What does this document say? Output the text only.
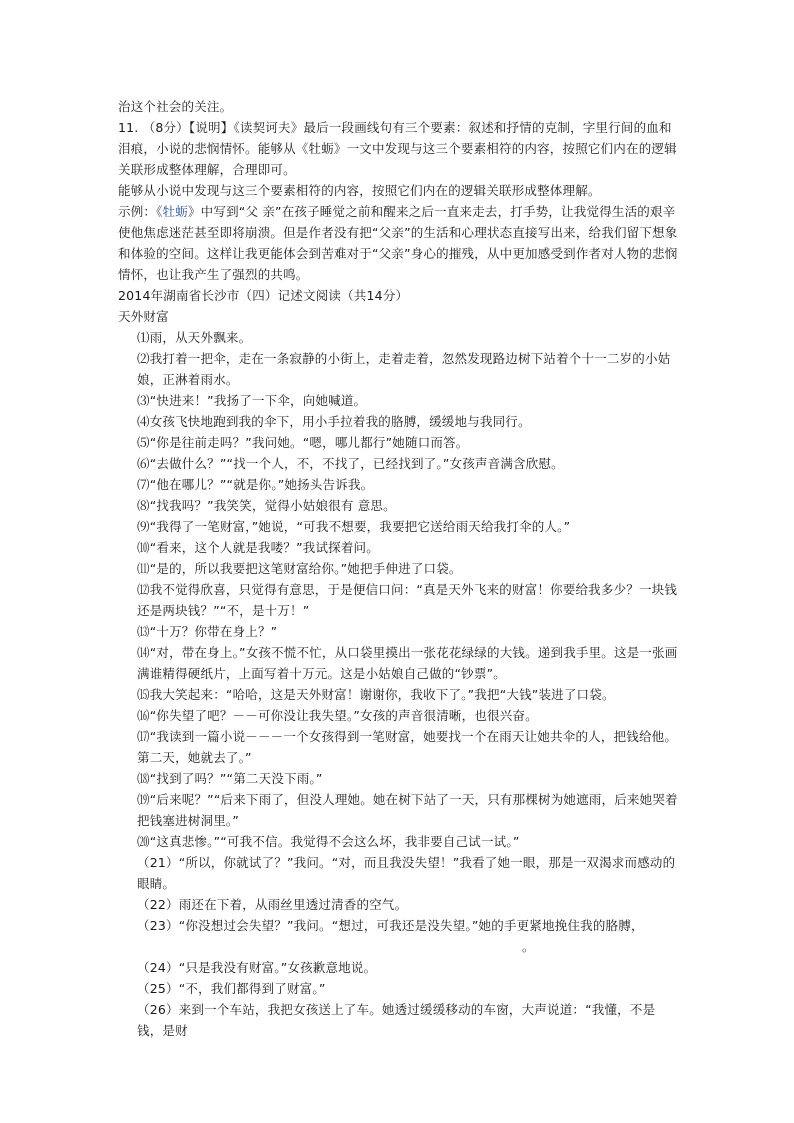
治这个社会的关注。

11. （8分）【说明】《读契诃夫》最后一段画线句有三个要素：叙述和抒情的克制，字里行间的血和泪痕，小说的悲悯情怀。能够从《牡蛎》一文中发现与这三个要素相符的内容，按照它们内在的逻辑关联形成整体理解，合理即可。

能够从小说中发现与这三个要素相符的内容，按照它们内在的逻辑关联形成整体理解。

示例：《牡蛎》中写到“父 亲”在孩子睡觉之前和醒来之后一直来走去，打手势，让我觉得生活的艰辛使他焦虑迷茫甚至即将崩溃。但是作者没有把“父亲”的生活和心理状态直接写出来，给我们留下想象和体验的空间。这样让我更能体会到苦难对于“父亲”身心的摧残，从中更加感受到作者对人物的悲悯情怀，也让我产生了强烈的共鸣。

2014年湖南省长沙市（四）记述文阅读（共14分）

天外财富

⑴雨，从天外飘来。

⑵我打着一把伞，走在一条寂静的小街上，走着走着，忽然发现路边树下站着个十一二岁的小姑娘，正淋着雨水。

⑶“快进来！”我扬了一下伞，向她喊道。

⑷女孩飞快地跑到我的伞下，用小手拉着我的胳膊，缓缓地与我同行。

⑸“你是往前走吗？”我问她。“嗯，哪儿都行”她随口而答。

⑹“去做什么？”“找一个人，不，不找了，已经找到了。”女孩声音满含欣慰。

⑺“他在哪儿？”“就是你。”她扬头告诉我。

⑻“找我吗？”我笑笑，觉得小姑娘很有 意思。

⑼“我得了一笔财富，”她说，“可我不想要，我要把它送给雨天给我打伞的人。”

⑽“看来，这个人就是我喽？”我试探着问。

⑾“是的，所以我要把这笔财富给你。”她把手伸进了口袋。

⑿我不觉得欣喜，只觉得有意思，于是便信口问：“真是天外飞来的财富！你要给我多少？一块钱还是两块钱？”“不，是十万！”

⒀“十万？你带在身上？”

⒁“对，带在身上。”女孩不慌不忙，从口袋里摸出一张花花绿绿的大钱。递到我手里。这是一张画满谁精得硬纸片，上面写着十万元。这是小姑娘自己做的“钞票”。

⒂我大笑起来：“哈哈，这是天外财富！谢谢你，我收下了。”我把“大钱”装进了口袋。

⒃“你失望了吧？－－可你没让我失望。”女孩的声音很清晰，也很兴奋。

⒄“我读到一篇小说－－－一个女孩得到一笔财富，她要找一个在雨天让她共伞的人，把钱给他。第二天，她就去了。”

⒅“找到了吗？”“第二天没下雨。”

⒆“后来呢？”“后来下雨了，但没人理她。她在树下站了一天，只有那棵树为她遮雨，后来她哭着把钱塞进树洞里。”

⒇“这真悲惨。”“可我不信。我觉得不会这么坏，我非要自己试一试。”

（21）“所以，你就试了？”我问。“对，而且我没失望！”我看了她一眼，那是一双渴求而感动的眼睛。

（22）雨还在下着，从雨丝里透过清香的空气。

（23）“你没想过会失望？”我问。“想过，可我还是没失望。”她的手更紧地挽住我的胳膊，

。

（24）“只是我没有财富。”女孩歉意地说。

（25）“不，我们都得到了财富。”

（26）来到一个车站，我把女孩送上了车。她透过缓缓移动的车窗，大声说道：“我懂，不是钱，是财
